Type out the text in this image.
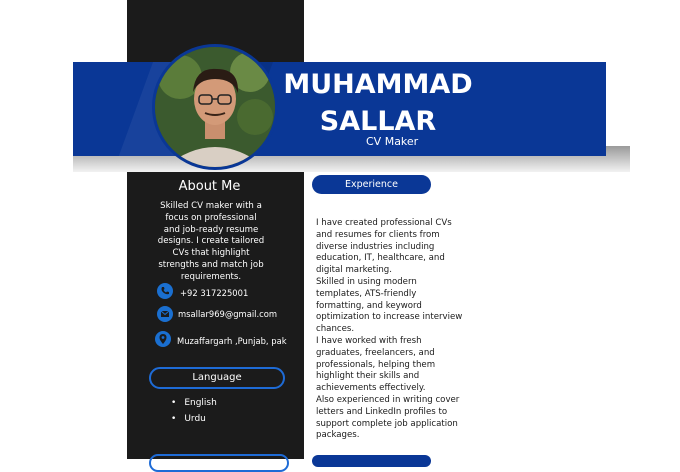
MUHAMMAD
SALLAR
CV Maker
About Me
Skilled CV maker with a
focus on professional
and job-ready resume
designs. I create tailored
CVs that highlight
strengths and match job
requirements.
+92 317225001
msallar969@gmail.com
Muzaffargarh ,Punjab, pak
Language
• English
• Urdu
Experience
I have created professional CVs
and resumes for clients from
diverse industries including
education, IT, healthcare, and
digital marketing.
Skilled in using modern
templates, ATS-friendly
formatting, and keyword
optimization to increase interview
chances.
I have worked with fresh
graduates, freelancers, and
professionals, helping them
highlight their skills and
achievements effectively.
Also experienced in writing cover
letters and LinkedIn profiles to
support complete job application
packages.
